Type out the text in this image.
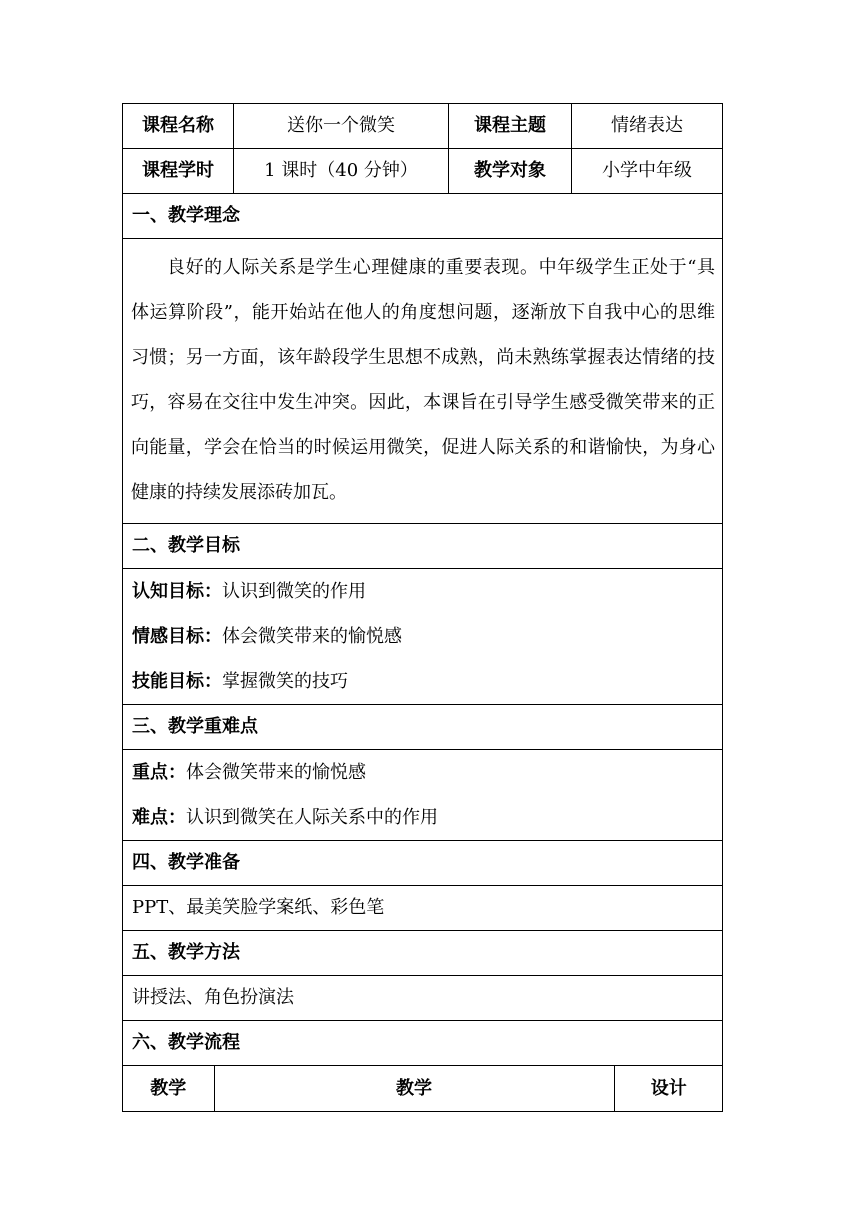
课程名称	送你一个微笑	课程主题	情绪表达
课程学时	1 课时（40 分钟）	教学对象	小学中年级
一、教学理念
良好的人际关系是学生心理健康的重要表现。中年级学生正处于“具体运算阶段”，能开始站在他人的角度想问题，逐渐放下自我中心的思维习惯；另一方面，该年龄段学生思想不成熟，尚未熟练掌握表达情绪的技巧，容易在交往中发生冲突。因此，本课旨在引导学生感受微笑带来的正向能量，学会在恰当的时候运用微笑，促进人际关系的和谐愉快，为身心健康的持续发展添砖加瓦。
二、教学目标

认知目标： 认识到微笑的作用
情感目标： 体会微笑带来的愉悦感
技能目标： 掌握微笑的技巧

三、教学重难点

重点： 体会微笑带来的愉悦感
难点： 认识到微笑在人际关系中的作用

四、教学准备
PPT、最美笑脸学案纸、彩色笔
五、教学方法
讲授法、角色扮演法
六、教学流程

教学	教学	设计
